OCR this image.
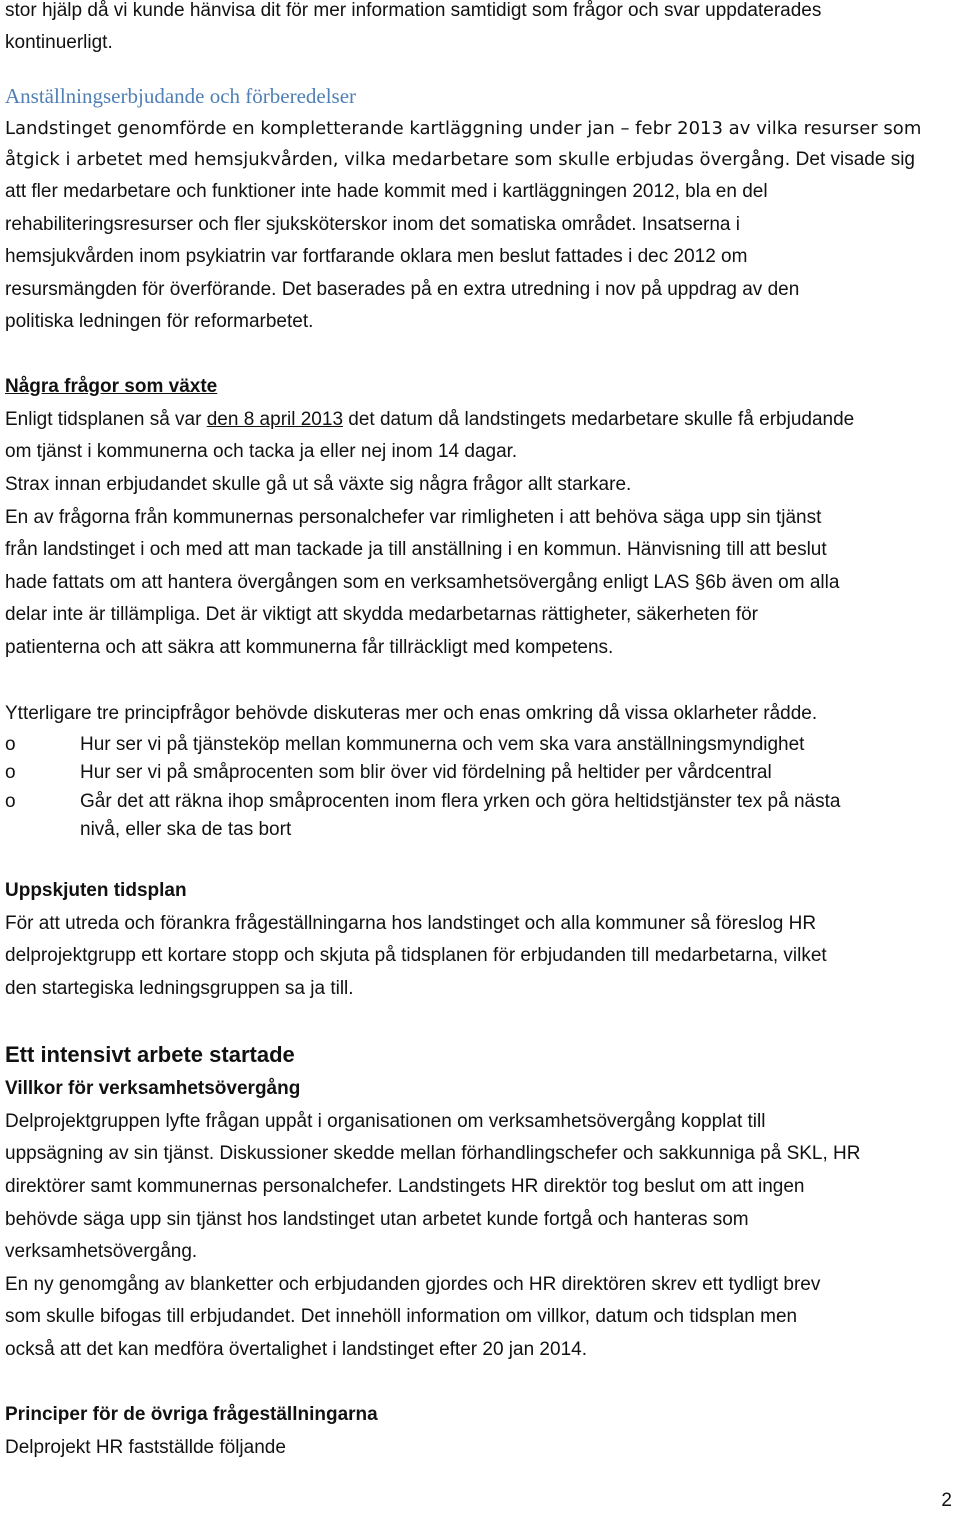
stor hjälp då vi kunde hänvisa dit för mer information samtidigt som frågor och svar uppdaterades
kontinuerligt.
Anställningserbjudande och förberedelser
Landstinget genomförde en kompletterande kartläggning under jan – febr 2013 av vilka resurser som
åtgick i arbetet med hemsjukvården, vilka medarbetare som skulle erbjudas övergång. Det visade sig
att fler medarbetare och funktioner inte hade kommit med i kartläggningen 2012, bla en del
rehabiliteringsresurser och fler sjuksköterskor inom det somatiska området. Insatserna i
hemsjukvården inom psykiatrin var fortfarande oklara men beslut fattades i dec 2012 om
resursmängden för överförande. Det baserades på en extra utredning i nov på uppdrag av den
politiska ledningen för reformarbetet.
Några frågor som växte
Enligt tidsplanen så var den 8 april 2013 det datum då landstingets medarbetare skulle få erbjudande
om tjänst i kommunerna och tacka ja eller nej inom 14 dagar.
Strax innan erbjudandet skulle gå ut så växte sig några frågor allt starkare.
En av frågorna från kommunernas personalchefer var rimligheten i att behöva säga upp sin tjänst
från landstinget i och med att man tackade ja till anställning i en kommun. Hänvisning till att beslut
hade fattats om att hantera övergången som en verksamhetsövergång enligt LAS §6b även om alla
delar inte är tillämpliga. Det är viktigt att skydda medarbetarnas rättigheter, säkerheten för
patienterna och att säkra att kommunerna får tillräckligt med kompetens.
Ytterligare tre principfrågor behövde diskuteras mer och enas omkring då vissa oklarheter rådde.
o	Hur ser vi på tjänsteköp mellan kommunerna och vem ska vara anställningsmyndighet
o	Hur ser vi på småprocenten som blir över vid fördelning på heltider per vårdcentral
o	Går det att räkna ihop småprocenten inom flera yrken och göra heltidstjänster tex på nästa
nivå, eller ska de tas bort
Uppskjuten tidsplan
För att utreda och förankra frågeställningarna hos landstinget och alla kommuner så föreslog HR
delprojektgrupp ett kortare stopp och skjuta på tidsplanen för erbjudanden till medarbetarna, vilket
den startegiska ledningsgruppen sa ja till.
Ett intensivt arbete startade
Villkor för verksamhetsövergång
Delprojektgruppen lyfte frågan uppåt i organisationen om verksamhetsövergång kopplat till
uppsägning av sin tjänst. Diskussioner skedde mellan förhandlingschefer och sakkunniga på SKL, HR
direktörer samt kommunernas personalchefer. Landstingets HR direktör tog beslut om att ingen
behövde säga upp sin tjänst hos landstinget utan arbetet kunde fortgå och hanteras som
verksamhetsövergång.
En ny genomgång av blanketter och erbjudanden gjordes och HR direktören skrev ett tydligt brev
som skulle bifogas till erbjudandet. Det innehöll information om villkor, datum och tidsplan men
också att det kan medföra övertalighet i landstinget efter 20 jan 2014.
Principer för de övriga frågeställningarna
Delprojekt HR fastställde följande
2
